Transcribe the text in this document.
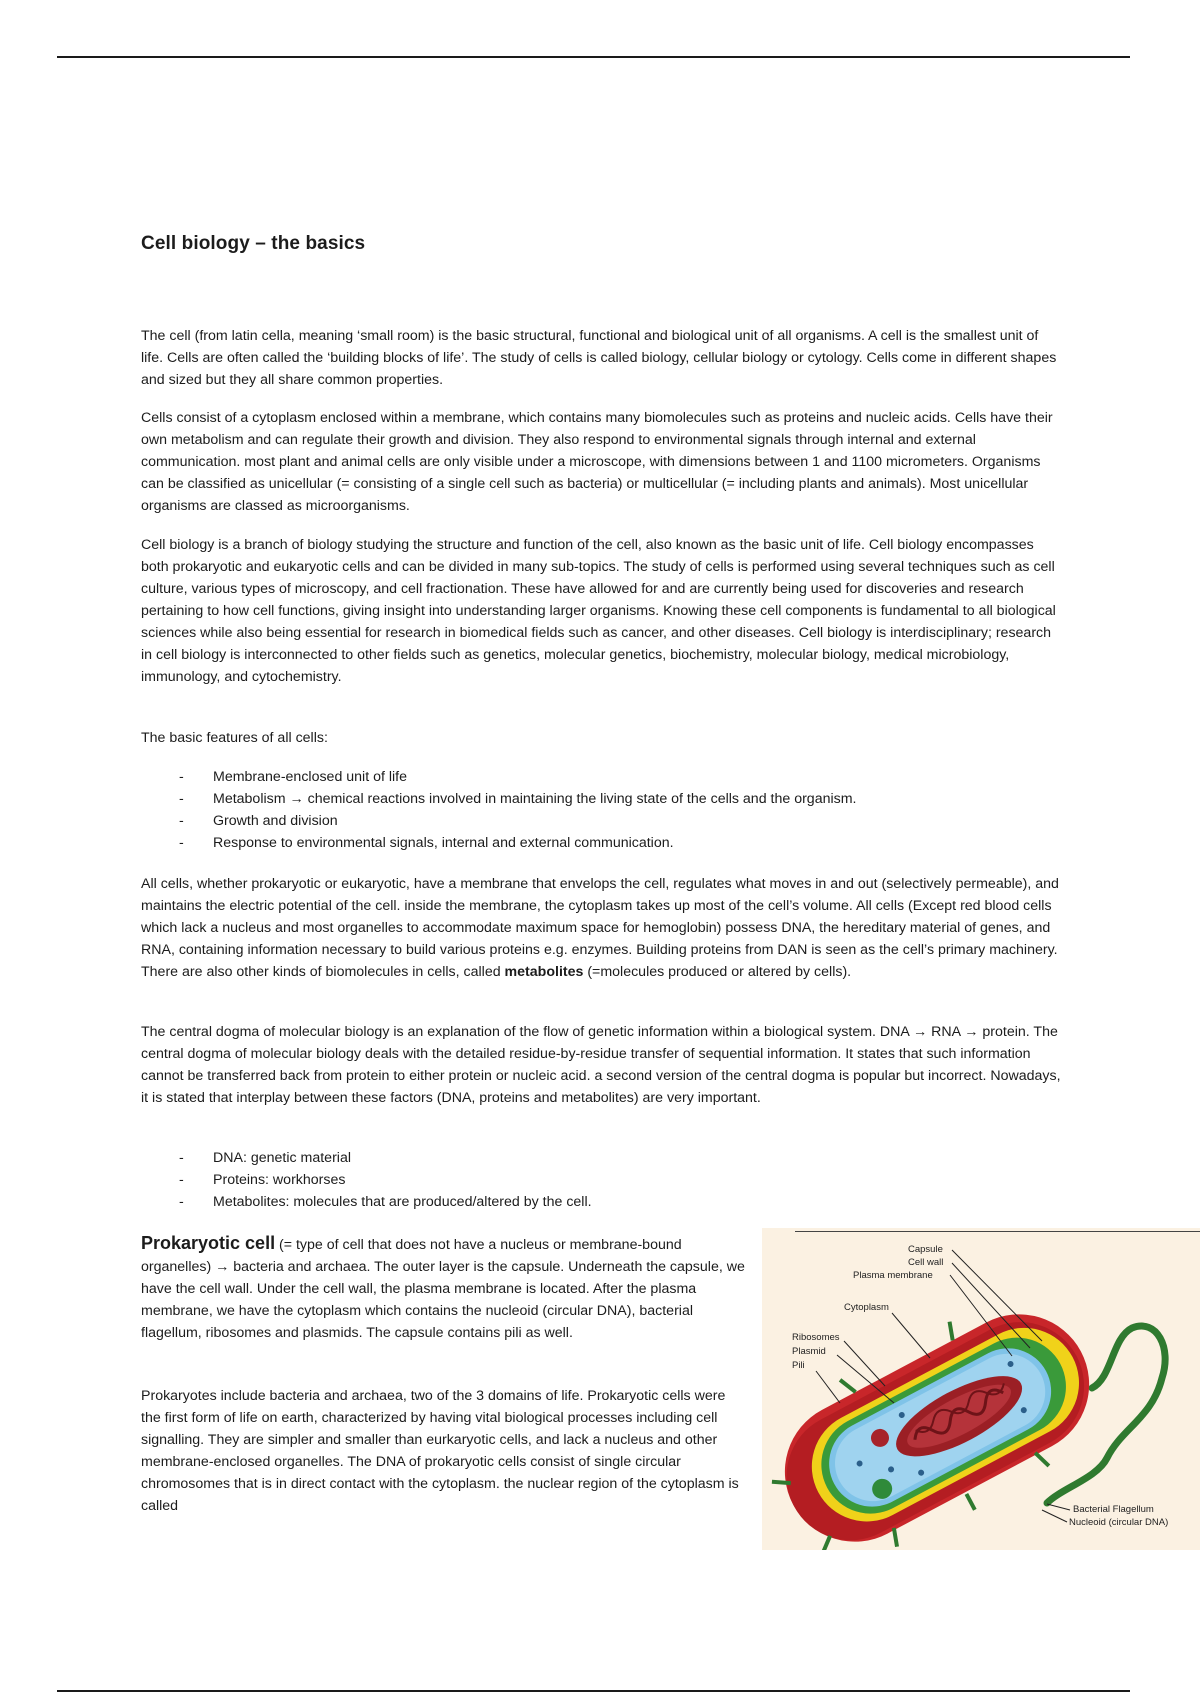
Cell biology – the basics

The cell (from latin cella, meaning ‘small room) is the basic structural, functional and biological unit of all organisms. A cell is the smallest unit of life. Cells are often called the ‘building blocks of life’. The study of cells is called biology, cellular biology or cytology. Cells come in different shapes and sized but they all share common properties.

Cells consist of a cytoplasm enclosed within a membrane, which contains many biomolecules such as proteins and nucleic acids. Cells have their own metabolism and can regulate their growth and division. They also respond to environmental signals through internal and external communication. most plant and animal cells are only visible under a microscope, with dimensions between 1 and 1100 micrometers. Organisms can be classified as unicellular (= consisting of a single cell such as bacteria) or multicellular (= including plants and animals). Most unicellular organisms are classed as microorganisms.

Cell biology is a branch of biology studying the structure and function of the cell, also known as the basic unit of life. Cell biology encompasses both prokaryotic and eukaryotic cells and can be divided in many sub-topics. The study of cells is performed using several techniques such as cell culture, various types of microscopy, and cell fractionation. These have allowed for and are currently being used for discoveries and research pertaining to how cell functions, giving insight into understanding larger organisms. Knowing these cell components is fundamental to all biological sciences while also being essential for research in biomedical fields such as cancer, and other diseases. Cell biology is interdisciplinary; research in cell biology is interconnected to other fields such as genetics, molecular genetics, biochemistry, molecular biology, medical microbiology, immunology, and cytochemistry.

The basic features of all cells:

- Membrane-enclosed unit of life
- Metabolism → chemical reactions involved in maintaining the living state of the cells and the organism.
- Growth and division
- Response to environmental signals, internal and external communication.

All cells, whether prokaryotic or eukaryotic, have a membrane that envelops the cell, regulates what moves in and out (selectively permeable), and maintains the electric potential of the cell. inside the membrane, the cytoplasm takes up most of the cell’s volume. All cells (Except red blood cells which lack a nucleus and most organelles to accommodate maximum space for hemoglobin) possess DNA, the hereditary material of genes, and RNA, containing information necessary to build various proteins e.g. enzymes. Building proteins from DAN is seen as the cell’s primary machinery. There are also other kinds of biomolecules in cells, called metabolites (=molecules produced or altered by cells).

The central dogma of molecular biology is an explanation of the flow of genetic information within a biological system. DNA → RNA → protein. The central dogma of molecular biology deals with the detailed residue-by-residue transfer of sequential information. It states that such information cannot be transferred back from protein to either protein or nucleic acid. a second version of the central dogma is popular but incorrect. Nowadays, it is stated that interplay between these factors (DNA, proteins and metabolites) are very important.

- DNA: genetic material
- Proteins: workhorses
- Metabolites: molecules that are produced/altered by the cell.

Prokaryotic cell (= type of cell that does not have a nucleus or membrane-bound organelles) → bacteria and archaea. The outer layer is the capsule. Underneath the capsule, we have the cell wall. Under the cell wall, the plasma membrane is located. After the plasma membrane, we have the cytoplasm which contains the nucleoid (circular DNA), bacterial flagellum, ribosomes and plasmids. The capsule contains pili as well.

Prokaryotes include bacteria and archaea, two of the 3 domains of life. Prokaryotic cells were the first form of life on earth, characterized by having vital biological processes including cell signalling. They are simpler and smaller than eurkaryotic cells, and lack a nucleus and other membrane-enclosed organelles. The DNA of prokaryotic cells consist of single circular chromosomes that is in direct contact with the cytoplasm. the nuclear region of the cytoplasm is called

Capsule
Cell wall
Plasma membrane
Cytoplasm
Ribosomes
Plasmid
Pili
Bacterial Flagellum
Nucleoid (circular DNA)
